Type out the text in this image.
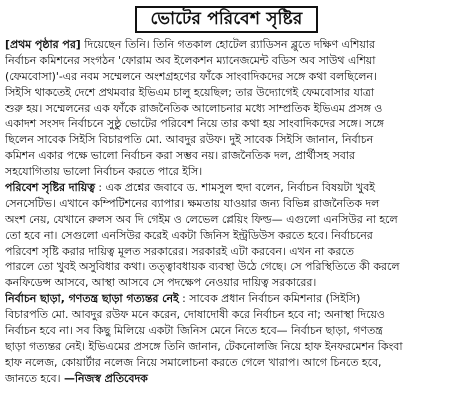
ভোটের পরিবেশ সৃষ্টির
[প্রথম পৃষ্ঠার পর] দিয়েছেন তিনি। তিনি গতকাল হোটেল র‍্যাডিসন ব্লুতে দক্ষিণ এশিয়ার
নির্বাচন কমিশনের সংগঠন 'ফোরাম অব ইলেকশন ম্যানেজমেন্ট বডিস অব সাউথ এশিয়া
(ফেমবোসা)'-এর নবম সম্মেলনে অংশগ্রহণের ফাঁকে সাংবাদিকদের সঙ্গে কথা বলছিলেন।
সিইসি থাকতেই দেশে প্রথমবার ইভিএম চালু হয়েছিল; তার উদ্যোগেই ফেমবোসার যাত্রা
শুরু হয়। সম্মেলনের এক ফাঁকে রাজনৈতিক আলোচনার মধ্যে সাম্প্রতিক ইভিএম প্রসঙ্গ ও
একাদশ সংসদ নির্বাচনে সুষ্ঠু ভোটের পরিবেশ নিয়ে তার কথা হয় সাংবাদিকদের সঙ্গে। সঙ্গে
ছিলেন সাবেক সিইসি বিচারপতি মো. আবদুর রউফ। দুই সাবেক সিইসি জানান, নির্বাচন
কমিশন একার পক্ষে ভালো নির্বাচন করা সম্ভব নয়। রাজনৈতিক দল, প্রার্থীসহ সবার
সহযোগিতায় ভালো নির্বাচন করতে পারে ইসি।
পরিবেশ সৃষ্টির দায়িত্ব : এক প্রশ্নের জবাবে ড. শামসুল হুদা বলেন, নির্বাচন বিষয়টা খুবই
সেনসেটিভ। এখানে কম্পিটিশনের ব্যাপার। ক্ষমতায় যাওয়ার জন্য বিভিন্ন রাজনৈতিক দল
অংশ নেয়, যেখানে রুলস অব দি গেইম ও লেভেল প্লেয়িং ফিল্ড— এগুলো এনসিউর না হলে
তো হবে না। সেগুলো এনসিউর করেই একটা জিনিস ইন্ট্রডিউস করতে হবে। নির্বাচনের
পরিবেশ সৃষ্টি করার দায়িত্ব মূলত সরকারের। সরকারই এটা করবেন। এখন না করতে
পারলে তো খুবই অসুবিধার কথা। তত্ত্বাবধায়ক ব্যবস্থা উঠে গেছে। সে পরিস্থিতিতে কী করলে
কনফিডেন্স আসবে, আস্থা আসবে সে পদক্ষেপ নেওয়ার দায়িত্ব সরকারের।
নির্বাচন ছাড়া, গণতন্ত্র ছাড়া গত্যন্তর নেই : সাবেক প্রধান নির্বাচন কমিশনার (সিইসি)
বিচারপতি মো. আবদুর রউফ মনে করেন, দোষাদোষী করে নির্বাচন হবে না; অনাস্থা দিয়েও
নির্বাচন হবে না। সব কিছু মিলিয়ে একটা জিনিস মেনে নিতে হবে— নির্বাচন ছাড়া, গণতন্ত্র
ছাড়া গত্যন্তর নেই। ইভিএমের প্রসঙ্গে তিনি জানান, টেকনোলজি নিয়ে হাফ ইনফরমেশন কিংবা
হাফ নলেজ, কোয়ার্টার নলেজ নিয়ে সমালোচনা করতে গেলে খারাপ। আগে চিনতে হবে,
জানতে হবে। —নিজস্ব প্রতিবেদক
